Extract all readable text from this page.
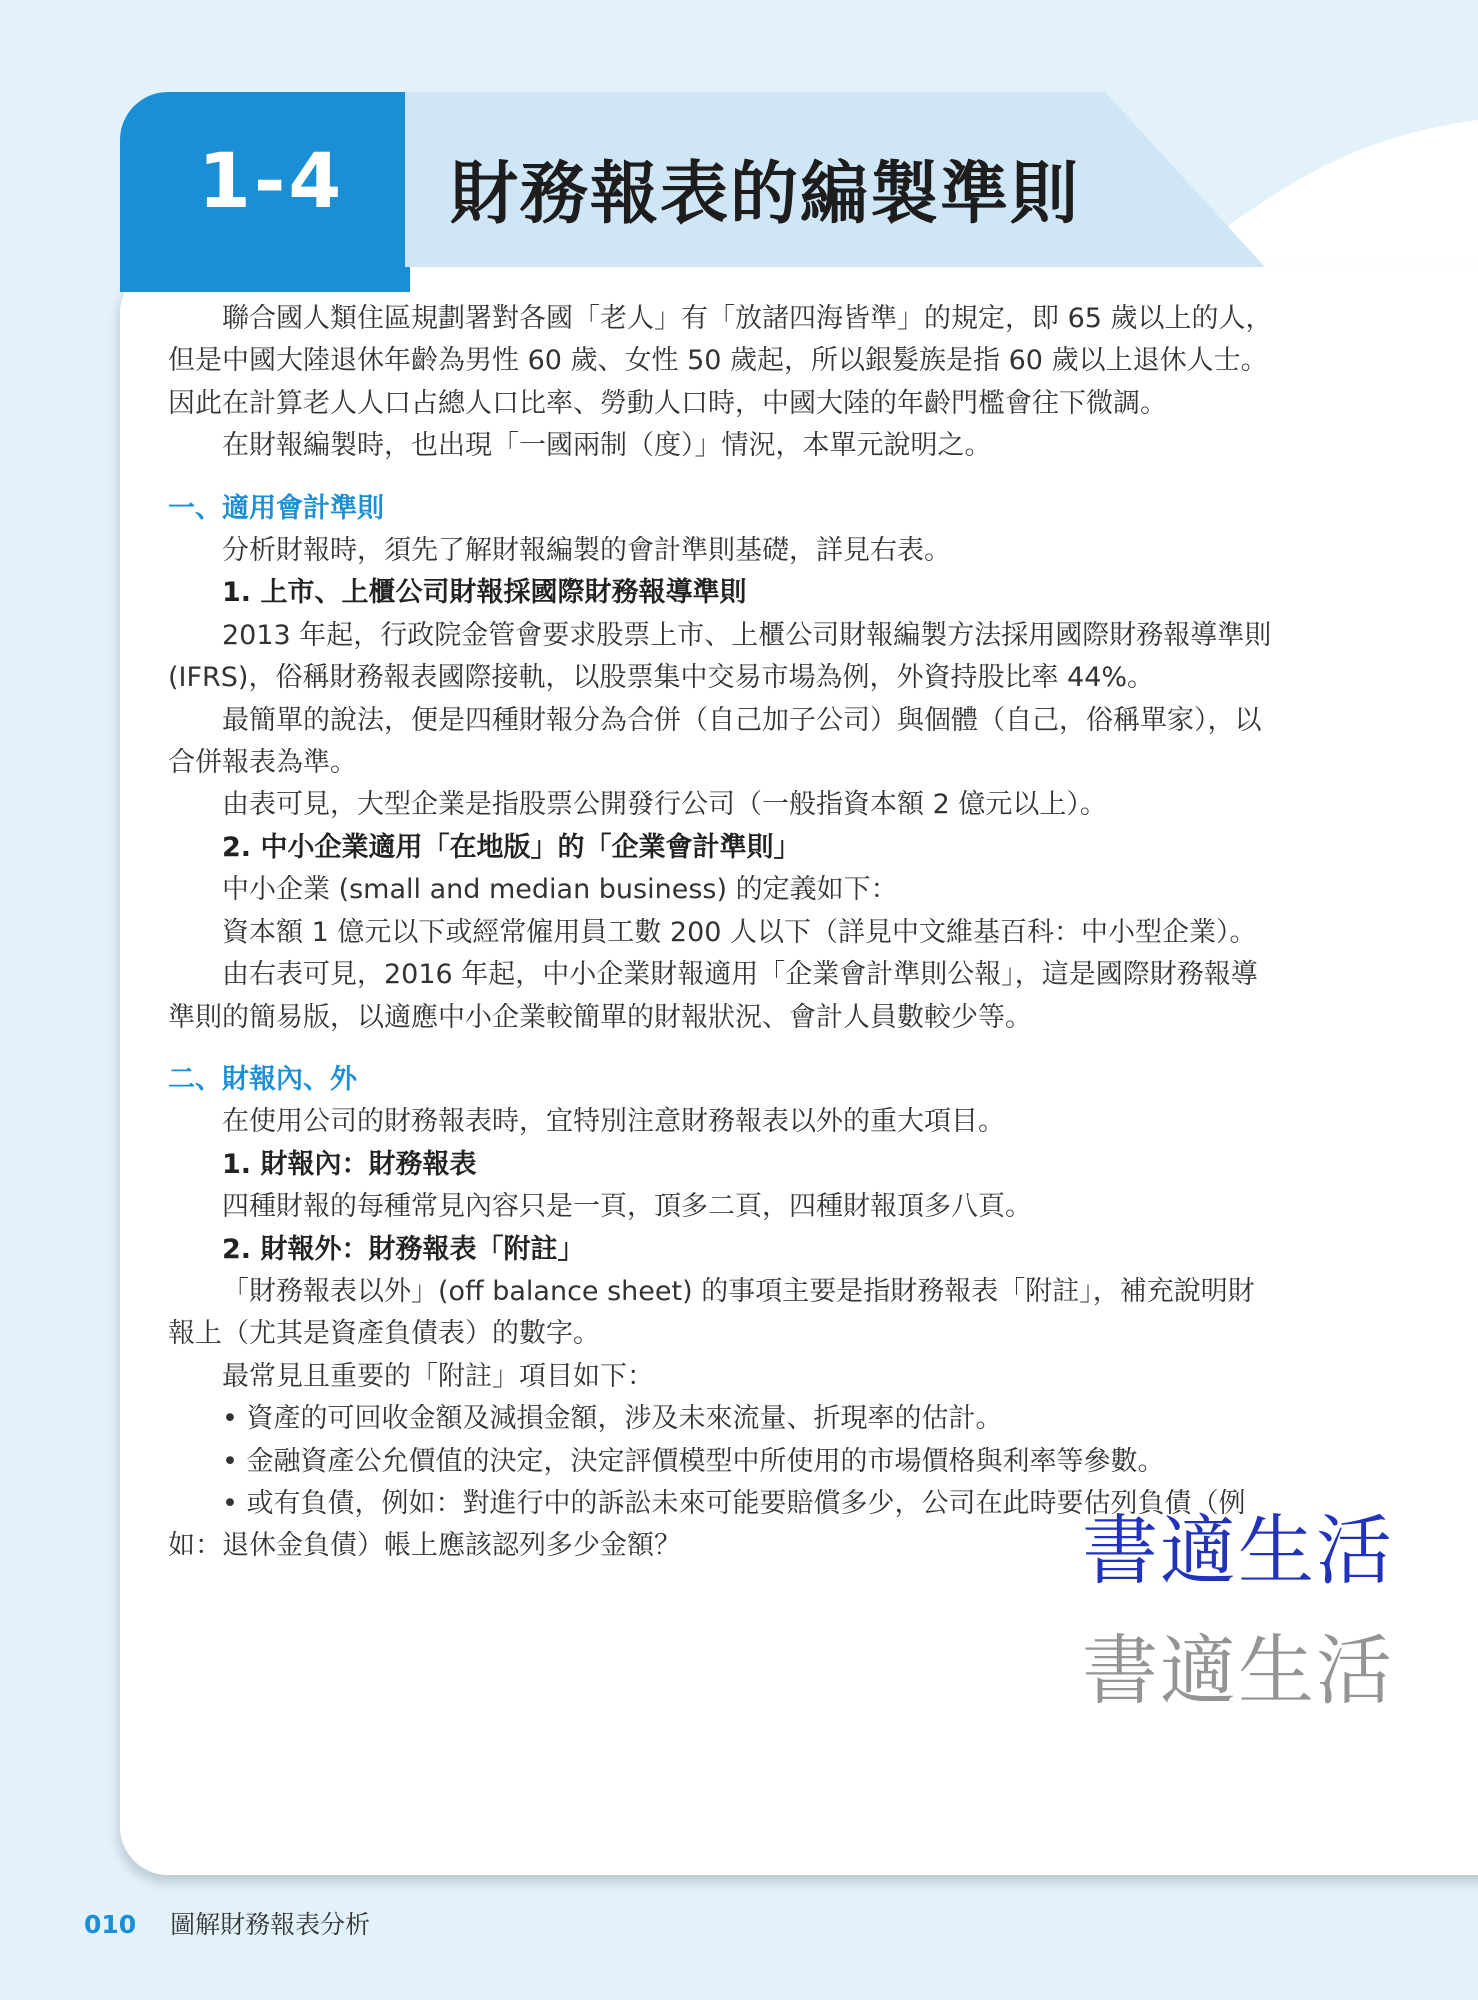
1-4 財務報表的編製準則

聯合國人類住區規劃署對各國「老人」有「放諸四海皆準」的規定，即 65 歲以上的人，但是中國大陸退休年齡為男性 60 歲、女性 50 歲起，所以銀髮族是指 60 歲以上退休人士。因此在計算老人人口占總人口比率、勞動人口時，中國大陸的年齡門檻會往下微調。

在財報編製時，也出現「一國兩制（度）」情況，本單元說明之。

一、適用會計準則

分析財報時，須先了解財報編製的會計準則基礎，詳見右表。

1. 上市、上櫃公司財報採國際財務報導準則

2013 年起，行政院金管會要求股票上市、上櫃公司財報編製方法採用國際財務報導準則 (IFRS)，俗稱財務報表國際接軌，以股票集中交易市場為例，外資持股比率 44%。

最簡單的說法，便是四種財報分為合併（自己加子公司）與個體（自己，俗稱單家），以合併報表為準。

由表可見，大型企業是指股票公開發行公司（一般指資本額 2 億元以上）。

2. 中小企業適用「在地版」的「企業會計準則」

中小企業 (small and median business) 的定義如下：

資本額 1 億元以下或經常僱用員工數 200 人以下（詳見中文維基百科：中小型企業）。

由右表可見，2016 年起，中小企業財報適用「企業會計準則公報」，這是國際財務報導準則的簡易版，以適應中小企業較簡單的財報狀況、會計人員數較少等。

二、財報內、外

在使用公司的財務報表時，宜特別注意財務報表以外的重大項目。

1. 財報內：財務報表

四種財報的每種常見內容只是一頁，頂多二頁，四種財報頂多八頁。

2. 財報外：財務報表「附註」

「財務報表以外」(off balance sheet) 的事項主要是指財務報表「附註」，補充說明財報上（尤其是資產負債表）的數字。

最常見且重要的「附註」項目如下：

• 資產的可回收金額及減損金額，涉及未來流量、折現率的估計。

• 金融資產公允價值的決定，決定評價模型中所使用的市場價格與利率等參數。

• 或有負債，例如：對進行中的訴訟未來可能要賠償多少，公司在此時要估列負債（例如：退休金負債）帳上應該認列多少金額？	書適生活
書適生活
010 圖解財務報表分析
